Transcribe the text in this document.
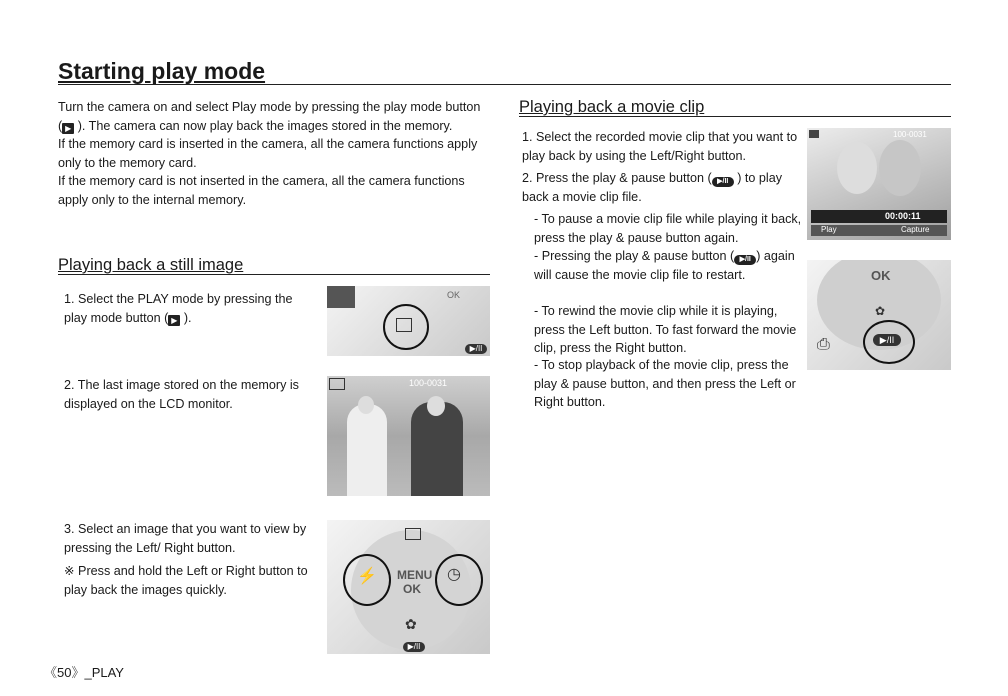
Starting play mode

Turn the camera on and select Play mode by pressing the play mode button ( ▶ ). The camera can now play back the images stored in the memory.

If the memory card is inserted in the camera, all the camera functions apply only to the memory card.

If the memory card is not inserted in the camera, all the camera functions apply only to the internal memory.

Playing back a still image
1. Select the PLAY mode by pressing the play mode button ( ▶ ).
OK
▶/II
2. The last image stored on the memory is displayed on the LCD monitor.
100-0031
3. Select an image that you want to view by pressing the Left/ Right button.
※ Press and hold the Left or Right button to play back the images quickly.
⚡	◷
MENU
OK
✿
▶/II
Playing back a movie clip
1. Select the recorded movie clip that you want to play back by using the Left/Right button.
2. Press the play & pause button ( ▶/II ) to play back a movie clip file.
- To pause a movie clip file while playing it back, press the play & pause button again.
- Pressing the play & pause button ( ▶/II ) again will cause the movie clip file to restart.
- To rewind the movie clip while it is playing, press the Left button. To fast forward the movie clip, press the Right button.
- To stop playback of the movie clip, press the play & pause button, and then press the Left or Right button.
100-0031
00:00:11
Play	Capture
OK
✿
⎙	▶/II
《50》_PLAY
